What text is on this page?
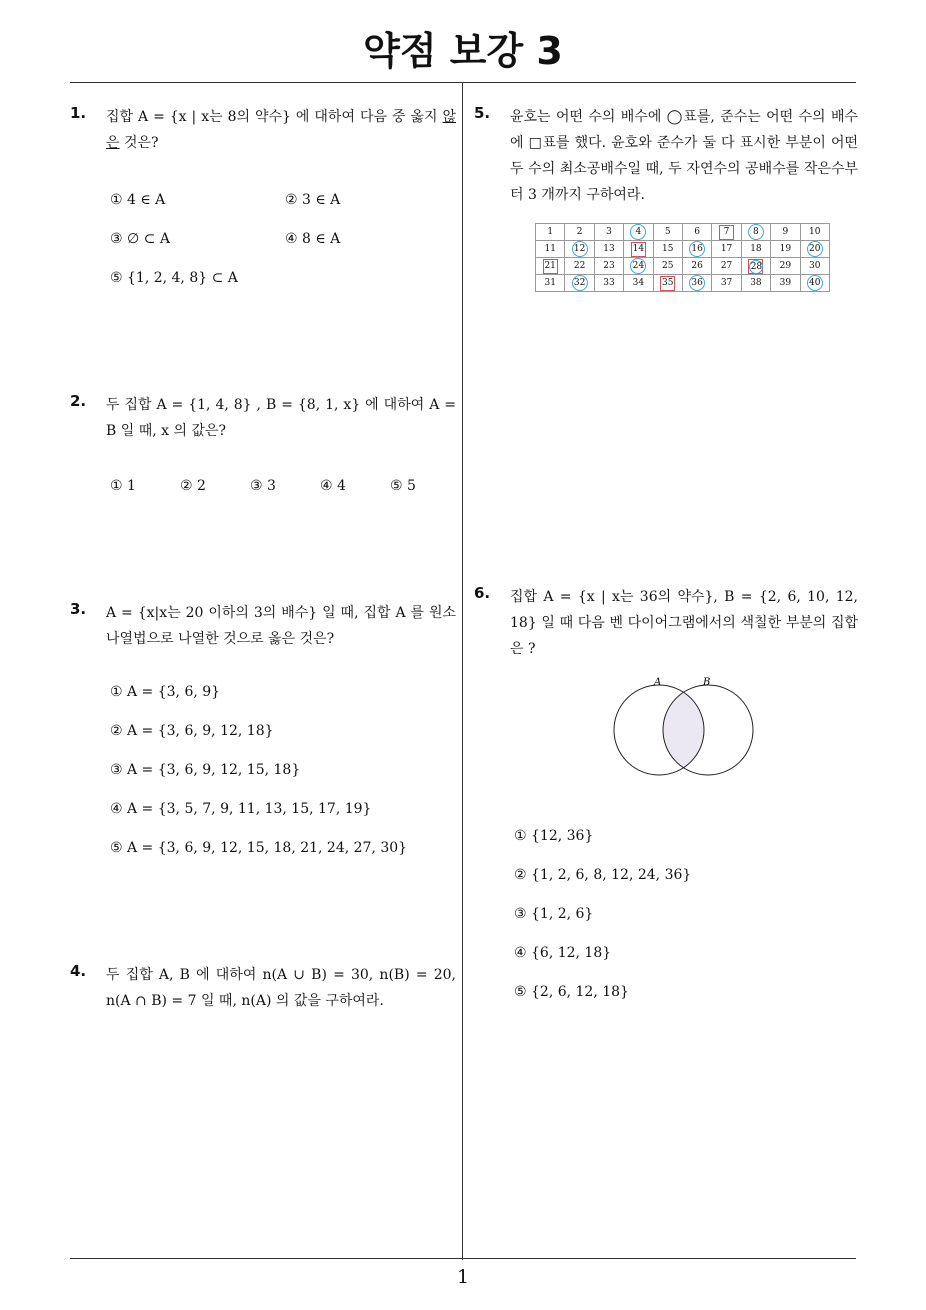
약점 보강 3
1. 집합 A = {x | x는 8의 약수} 에 대하여 다음 중 옳지 않은 것은?
① 4 ∈ A	② 3 ∈ A
③ ∅ ⊂ A	④ 8 ∈ A
⑤ {1, 2, 4, 8} ⊂ A
2. 두 집합 A = {1, 4, 8} , B = {8, 1, x} 에 대하여 A = B 일 때, x 의 값은?
① 1	② 2	③ 3	④ 4	⑤ 5
3. A = {x|x는 20 이하의 3의 배수} 일 때, 집합 A 를 원소나열법으로 나열한 것으로 옳은 것은?
① A = {3, 6, 9}
② A = {3, 6, 9, 12, 18}
③ A = {3, 6, 9, 12, 15, 18}
④ A = {3, 5, 7, 9, 11, 13, 15, 17, 19}
⑤ A = {3, 6, 9, 12, 15, 18, 21, 24, 27, 30}
4. 두 집합 A, B 에 대하여 n(A ∪ B) = 30, n(B) = 20, n(A ∩ B) = 7 일 때, n(A) 의 값을 구하여라.
5. 윤호는 어떤 수의 배수에 ◯표를, 준수는 어떤 수의 배수에 □표를 했다. 윤호와 준수가 둘 다 표시한 부분이 어떤 두 수의 최소공배수일 때, 두 자연수의 공배수를 작은수부터 3 개까지 구하여라.
1	2	3	4	5	6	7	8	9	10
11	12	13	14	15	16	17	18	19	20
21	22	23	24	25	26	27	28	29	30
31	32	33	34	35	36	37	38	39	40
6. 집합 A = {x | x는 36의 약수}, B = {2, 6, 10, 12, 18} 일 때 다음 벤 다이어그램에서의 색칠한 부분의 집합은 ?
A	B
① {12, 36}
② {1, 2, 6, 8, 12, 24, 36}
③ {1, 2, 6}
④ {6, 12, 18}
⑤ {2, 6, 12, 18}
1
